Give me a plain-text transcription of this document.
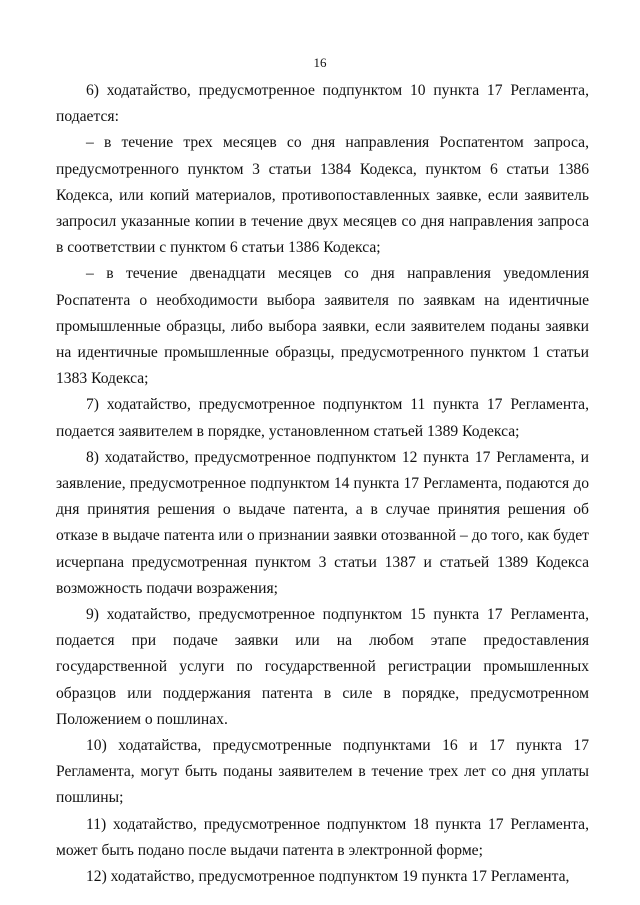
16

6) ходатайство, предусмотренное подпунктом 10 пункта 17 Регламента, подается:

– в течение трех месяцев со дня направления Роспатентом запроса, предусмотренного пунктом 3 статьи 1384 Кодекса, пунктом 6 статьи 1386 Кодекса, или копий материалов, противопоставленных заявке, если заявитель запросил указанные копии в течение двух месяцев со дня направления запроса в соответствии с пунктом 6 статьи 1386 Кодекса;

– в течение двенадцати месяцев со дня направления уведомления Роспатента о необходимости выбора заявителя по заявкам на идентичные промышленные образцы, либо выбора заявки, если заявителем поданы заявки на идентичные промышленные образцы, предусмотренного пунктом 1 статьи 1383 Кодекса;

7) ходатайство, предусмотренное подпунктом 11 пункта 17 Регламента, подается заявителем в порядке, установленном статьей 1389 Кодекса;

8) ходатайство, предусмотренное подпунктом 12 пункта 17 Регламента, и заявление, предусмотренное подпунктом 14 пункта 17 Регламента, подаются до дня принятия решения о выдаче патента, а в случае принятия решения об отказе в выдаче патента или о признании заявки отозванной – до того, как будет исчерпана предусмотренная пунктом 3 статьи 1387 и статьей 1389 Кодекса возможность подачи возражения;

9) ходатайство, предусмотренное подпунктом 15 пункта 17 Регламента, подается при подаче заявки или на любом этапе предоставления государственной услуги по государственной регистрации промышленных образцов или поддержания патента в силе в порядке, предусмотренном Положением о пошлинах.

10) ходатайства, предусмотренные подпунктами 16 и 17 пункта 17 Регламента, могут быть поданы заявителем в течение трех лет со дня уплаты пошлины;

11) ходатайство, предусмотренное подпунктом 18 пункта 17 Регламента, может быть подано после выдачи патента в электронной форме;

12) ходатайство, предусмотренное подпунктом 19 пункта 17 Регламента,
